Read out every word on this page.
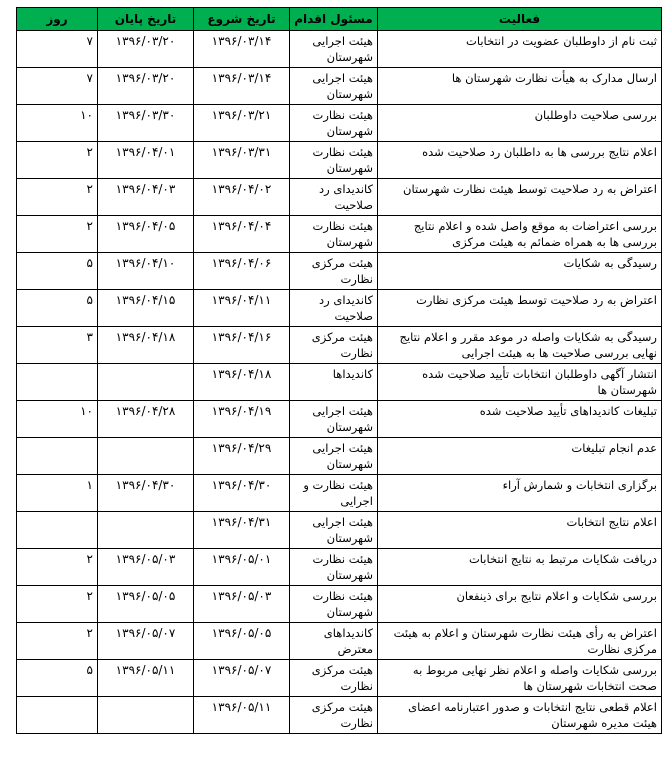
فعالیت	مسئول اقدام	تاریخ شروع	تاریخ پایان	روز
ثبت نام از داوطلبان عضویت در انتخابات	هیئت اجرایی شهرستان	۱۳۹۶/۰۳/۱۴	۱۳۹۶/۰۳/۲۰	۷
ارسال مدارک به هیأت نظارت شهرستان ها	هیئت اجرایی شهرستان	۱۳۹۶/۰۳/۱۴	۱۳۹۶/۰۳/۲۰	۷
بررسی صلاحیت داوطلبان	هیئت نظارت شهرستان	۱۳۹۶/۰۳/۲۱	۱۳۹۶/۰۳/۳۰	۱۰
اعلام نتایج بررسی ها به داطلبان رد صلاحیت شده	هیئت نظارت شهرستان	۱۳۹۶/۰۳/۳۱	۱۳۹۶/۰۴/۰۱	۲
اعتراض به رد صلاحیت توسط هیئت نظارت شهرستان	کاندیدای رد صلاحیت	۱۳۹۶/۰۴/۰۲	۱۳۹۶/۰۴/۰۳	۲
بررسی اعتراضات به موقع واصل شده و اعلام نتایج بررسی ها به همراه ضمائم به هیئت مرکزی	هیئت نظارت شهرستان	۱۳۹۶/۰۴/۰۴	۱۳۹۶/۰۴/۰۵	۲
رسیدگی به شکایات	هیئت مرکزی نظارت	۱۳۹۶/۰۴/۰۶	۱۳۹۶/۰۴/۱۰	۵
اعتراض به رد صلاحیت توسط هیئت مرکزی نظارت	کاندیدای رد صلاحیت	۱۳۹۶/۰۴/۱۱	۱۳۹۶/۰۴/۱۵	۵
رسیدگی به شکایات واصله در موعد مقرر و اعلام نتایج نهایی بررسی صلاحیت ها به هیئت اجرایی	هیئت مرکزی نظارت	۱۳۹۶/۰۴/۱۶	۱۳۹۶/۰۴/۱۸	۳
انتشار آگهی داوطلبان انتخابات تأیید صلاحیت شده شهرستان ها	کاندیداها	۱۳۹۶/۰۴/۱۸		
تبلیغات کاندیداهای تأیید صلاحیت شده	هیئت اجرایی شهرستان	۱۳۹۶/۰۴/۱۹	۱۳۹۶/۰۴/۲۸	۱۰
عدم انجام تبلیغات	هیئت اجرایی شهرستان	۱۳۹۶/۰۴/۲۹		
برگزاری انتخابات و شمارش آراء	هیئت نظارت و اجرایی	۱۳۹۶/۰۴/۳۰	۱۳۹۶/۰۴/۳۰	۱
اعلام نتایج انتخابات	هیئت اجرایی شهرستان	۱۳۹۶/۰۴/۳۱		
دریافت شکایات مرتبط به نتایج انتخابات	هیئت نظارت شهرستان	۱۳۹۶/۰۵/۰۱	۱۳۹۶/۰۵/۰۳	۲
بررسی شکایات و اعلام نتایج برای ذینفعان	هیئت نظارت شهرستان	۱۳۹۶/۰۵/۰۳	۱۳۹۶/۰۵/۰۵	۲
اعتراض به رأی هیئت نظارت شهرستان و اعلام به هیئت مرکزی نظارت	کاندیداهای معترض	۱۳۹۶/۰۵/۰۵	۱۳۹۶/۰۵/۰۷	۲
بررسی شکایات واصله و اعلام نظر نهایی مربوط به صحت انتخابات شهرستان ها	هیئت مرکزی نظارت	۱۳۹۶/۰۵/۰۷	۱۳۹۶/۰۵/۱۱	۵
اعلام قطعی نتایج انتخابات و صدور اعتبارنامه اعضای هیئت مدیره شهرستان	هیئت مرکزی نظارت	۱۳۹۶/۰۵/۱۱		
